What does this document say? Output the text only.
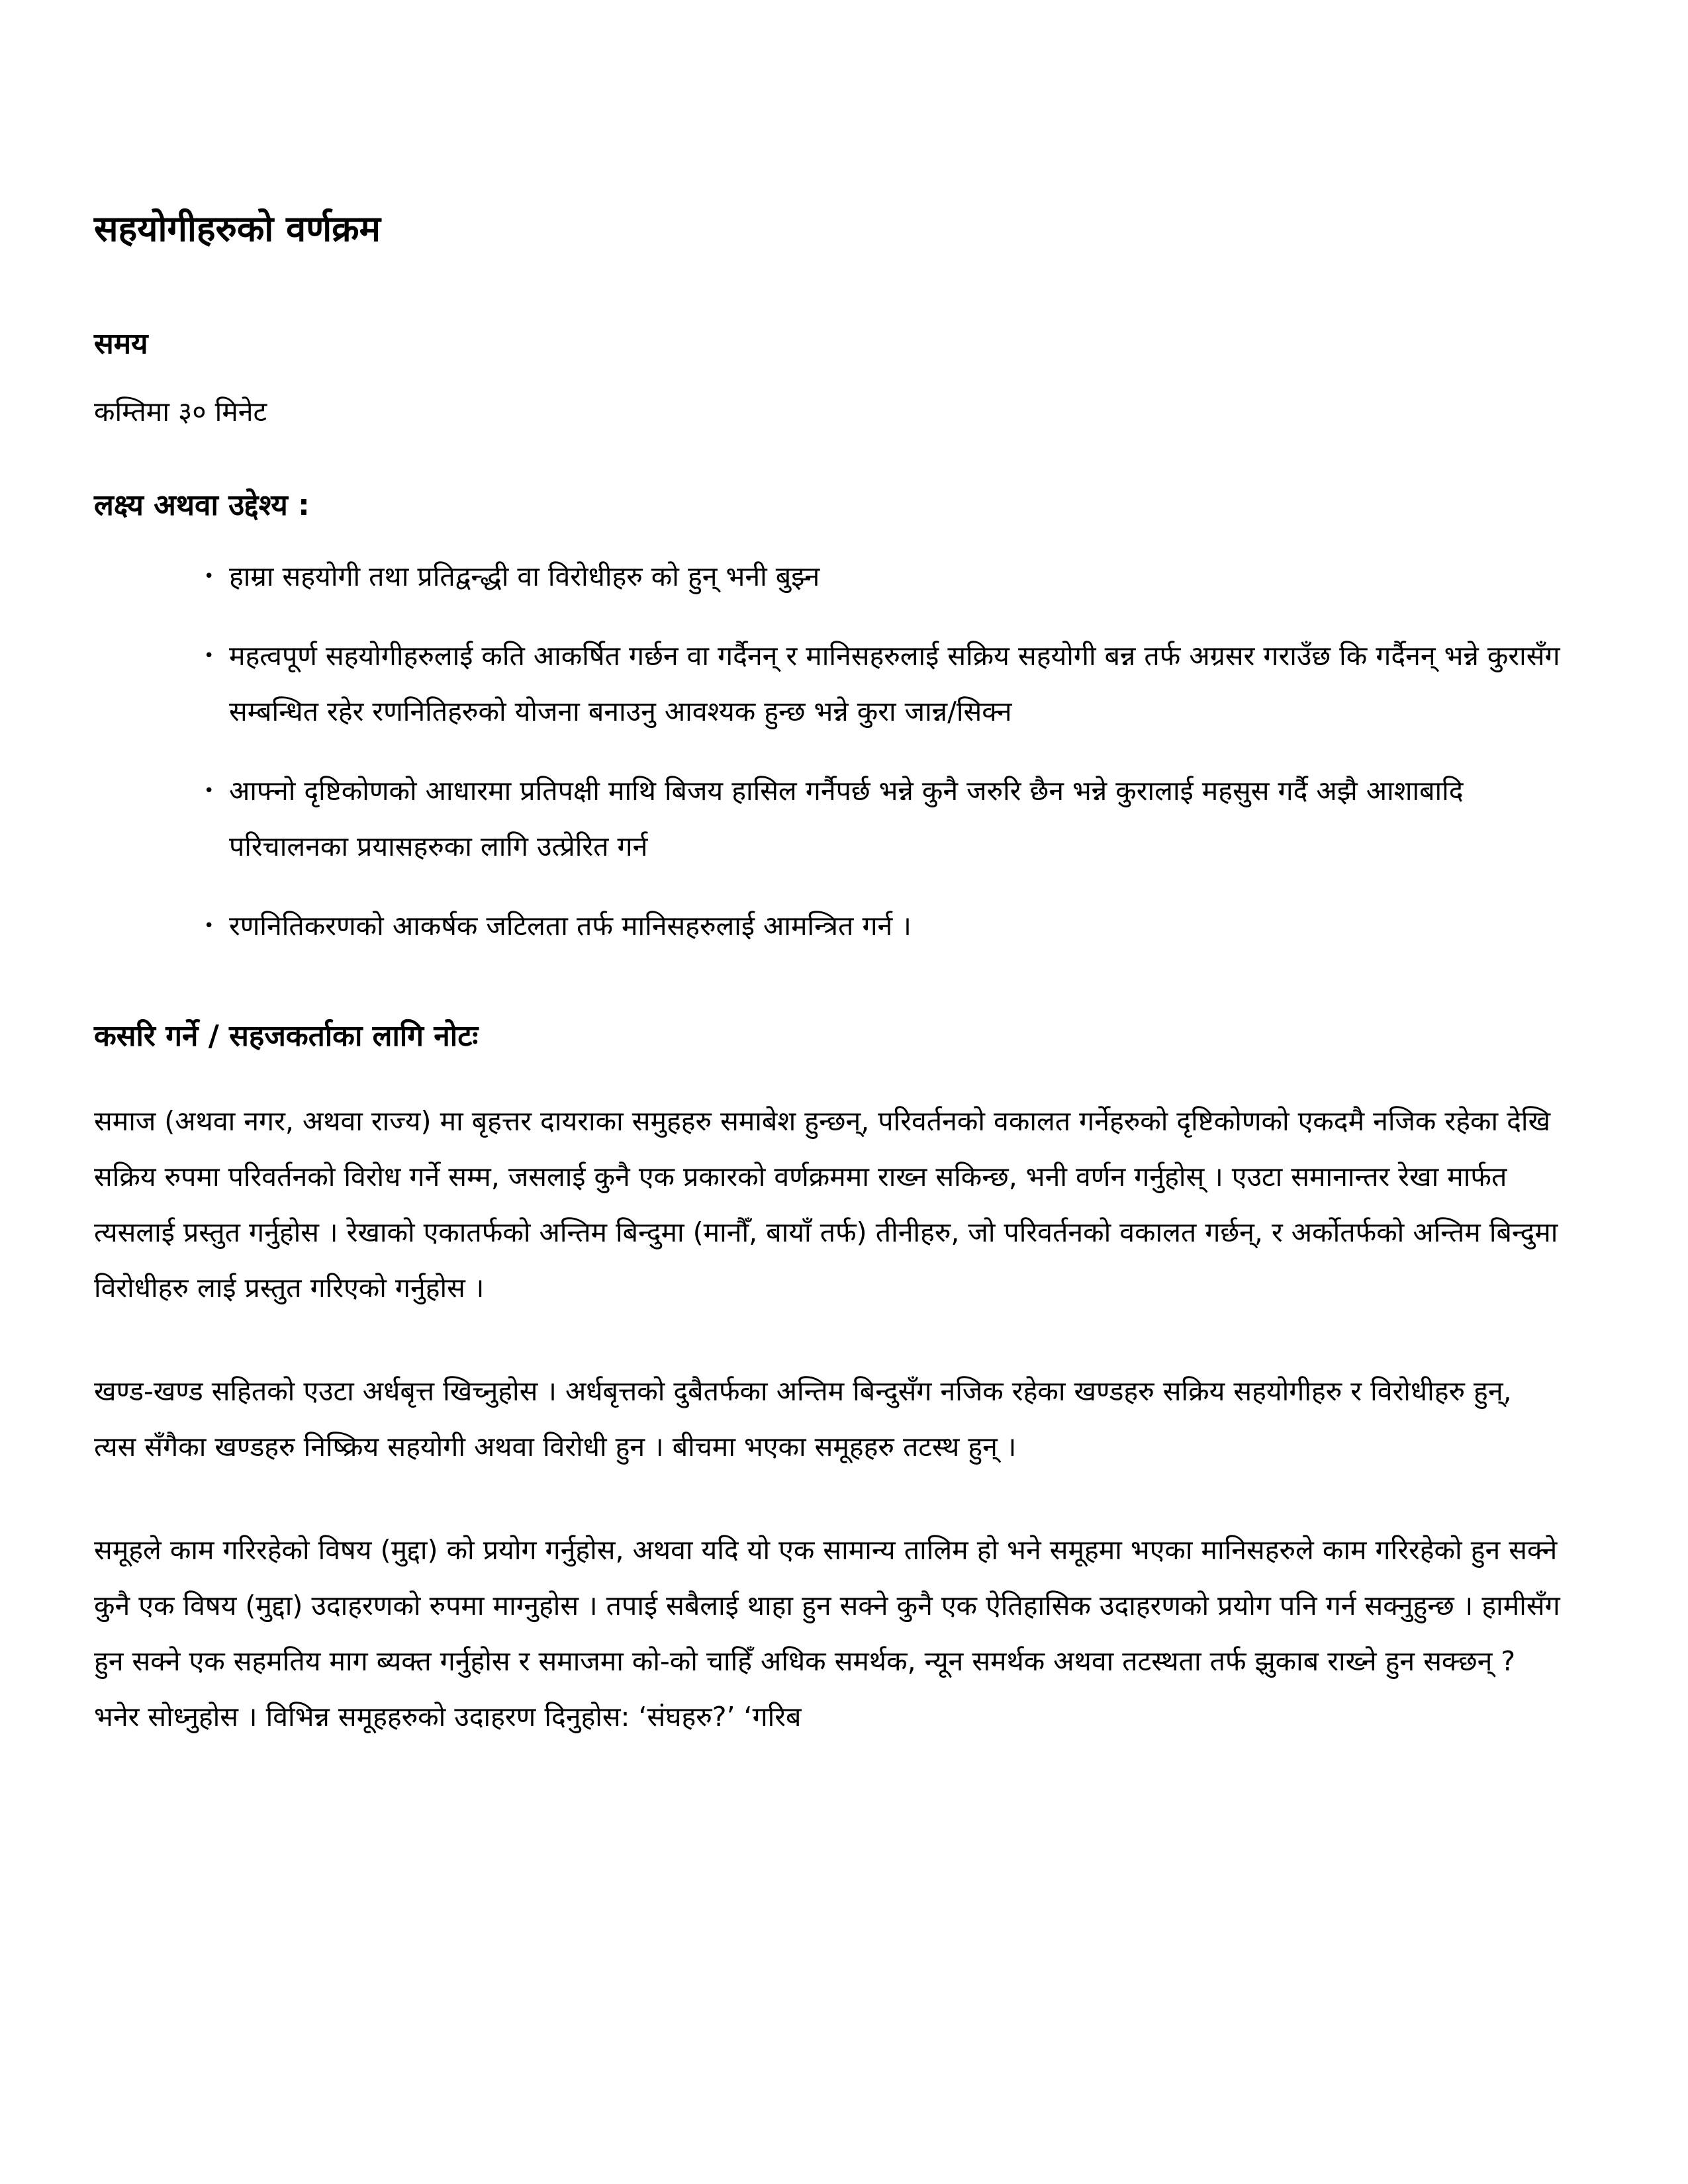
सहयोगीहरुको वर्णक्रम
समय

कम्तिमा ३० मिनेट

लक्ष्य अथवा उद्देश्य :
• हाम्रा सहयोगी तथा प्रतिद्वन्द्धी वा विरोधीहरु को हुन् भनी बुझ्न
• महत्वपूर्ण सहयोगीहरुलाई कति आकर्षित गर्छन वा गर्दैनन् र मानिसहरुलाई सक्रिय सहयोगी बन्न तर्फ अग्रसर गराउँछ कि गर्दैनन् भन्ने कुरासँग सम्बन्धित रहेर रणनितिहरुको योजना बनाउनु आवश्यक हुन्छ भन्ने कुरा जान्न/सिक्न
• आफ्नो दृष्टिकोणको आधारमा प्रतिपक्षी माथि बिजय हासिल गर्नैपर्छ भन्ने कुनै जरुरि छैन भन्ने कुरालाई महसुस गर्दै अझै आशाबादि परिचालनका प्रयासहरुका लागि उत्प्रेरित गर्न
• रणनितिकरणको आकर्षक जटिलता तर्फ मानिसहरुलाई आमन्त्रित गर्न ।
कसरि गर्ने / सहजकर्ताका लागि नोटः

समाज (अथवा नगर, अथवा राज्य) मा बृहत्तर दायराका समुहहरु समाबेश हुन्छन्, परिवर्तनको वकालत गर्नेहरुको दृष्टिकोणको एकदमै नजिक रहेका देखि सक्रिय रुपमा परिवर्तनको विरोध गर्ने सम्म, जसलाई कुनै एक प्रकारको वर्णक्रममा राख्न सकिन्छ, भनी वर्णन गर्नुहोस् । एउटा समानान्तर रेखा मार्फत त्यसलाई प्रस्तुत गर्नुहोस । रेखाको एकातर्फको अन्तिम बिन्दुमा (मानौँ, बायाँ तर्फ) तीनीहरु, जो परिवर्तनको वकालत गर्छन्, र अर्कोतर्फको अन्तिम बिन्दुमा विरोधीहरु लाई प्रस्तुत गरिएको गर्नुहोस ।

खण्ड-खण्ड सहितको एउटा अर्धबृत्त खिच्नुहोस । अर्धबृत्तको दुबैतर्फका अन्तिम बिन्दुसँग नजिक रहेका खण्डहरु सक्रिय सहयोगीहरु र विरोधीहरु हुन्, त्यस सँगैका खण्डहरु निष्क्रिय सहयोगी अथवा विरोधी हुन । बीचमा भएका समूहहरु तटस्थ हुन् ।

समूहले काम गरिरहेको विषय (मुद्दा) को प्रयोग गर्नुहोस, अथवा यदि यो एक सामान्य तालिम हो भने समूहमा भएका मानिसहरुले काम गरिरहेको हुन सक्ने कुनै एक विषय (मुद्दा) उदाहरणको रुपमा माग्नुहोस । तपाई सबैलाई थाहा हुन सक्ने कुनै एक ऐतिहासिक उदाहरणको प्रयोग पनि गर्न सक्नुहुन्छ । हामीसँग हुन सक्ने एक सहमतिय माग ब्यक्त गर्नुहोस र समाजमा को-को चाहिँ अधिक समर्थक, न्यून समर्थक अथवा तटस्थता तर्फ झुकाब राख्ने हुन सक्छन् ? भनेर सोध्नुहोस । विभिन्न समूहहरुको उदाहरण दिनुहोस: ‘संघहरु?’ ‘गरिब
